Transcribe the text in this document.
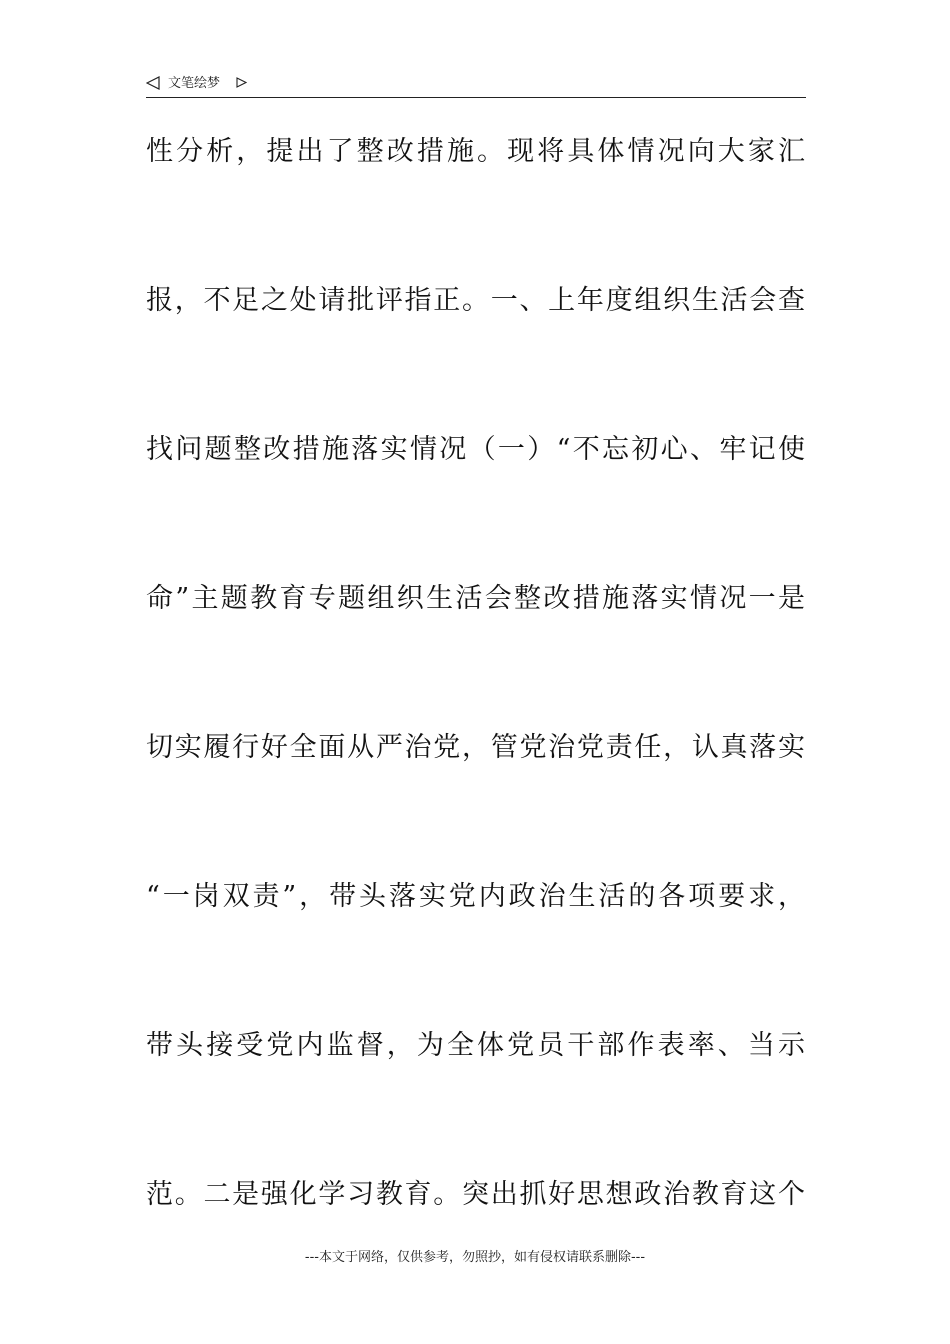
文笔绘梦
性分析，提出了整改措施。现将具体情况向大家汇
报，不足之处请批评指正。一、上年度组织生活会查
找问题整改措施落实情况（一）“不忘初心、牢记使
命”主题教育专题组织生活会整改措施落实情况一是
切实履行好全面从严治党，管党治党责任，认真落实
“一岗双责”，带头落实党内政治生活的各项要求，
带头接受党内监督，为全体党员干部作表率、当示
范。二是强化学习教育。突出抓好思想政治教育这个
---本文于网络，仅供参考，勿照抄，如有侵权请联系删除---
